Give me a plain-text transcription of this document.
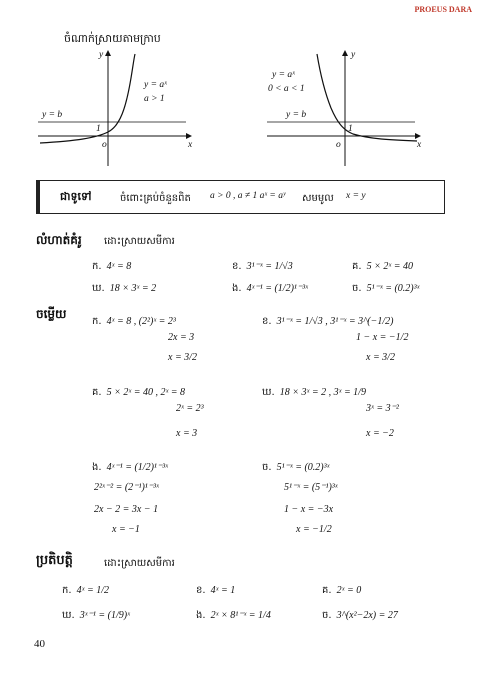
PROEUS DARA
ចំណាក់ស្រាយតាមក្រាប
y
x
o
1
y = aˣ
a > 1
y = b
y
x
o
1
y = aˣ
0 < a < 1
y = b
ជាទូទៅ	ចំពោះគ្រប់ចំនួនពិត a > 0 , a ≠ 1 aˣ = aʸ សមមូល x = y
លំហាត់គំរូ ដោះស្រាយសមីការ
ក. 4ˣ = 8	ខ. 3¹⁻ˣ = 1/√3	គ. 5 × 2ˣ = 40
ឃ. 18 × 3ˣ = 2	ង. 4ˣ⁻¹ = (1/2)¹⁻³ˣ	ច. 5¹⁻ˣ = (0.2)³ˣ
ចម្លើយ
ក. 4ˣ = 8 , (2²)ˣ = 2³
2x = 3
x = 3/2
ខ. 3¹⁻ˣ = 1/√3 , 3¹⁻ˣ = 3^(−1/2)
1 − x = −1/2
x = 3/2
គ. 5 × 2ˣ = 40 , 2ˣ = 8
2ˣ = 2³
x = 3
ឃ. 18 × 3ˣ = 2 , 3ˣ = 1/9
3ˣ = 3⁻²
x = −2
ង. 4ˣ⁻¹ = (1/2)¹⁻³ˣ
2²ˣ⁻² = (2⁻¹)¹⁻³ˣ
2x − 2 = 3x − 1
x = −1
ច. 5¹⁻ˣ = (0.2)³ˣ
5¹⁻ˣ = (5⁻¹)³ˣ
1 − x = −3x
x = −1/2
ប្រតិបត្តិ	ដោះស្រាយសមីការ
ក. 4ˣ = 1/2	ខ. 4ˣ = 1	គ. 2ˣ = 0
ឃ. 3ˣ⁻¹ = (1/9)ˣ	ង. 2ˣ × 8¹⁻ˣ = 1/4	ច. 3^(x²−2x) = 27
40
